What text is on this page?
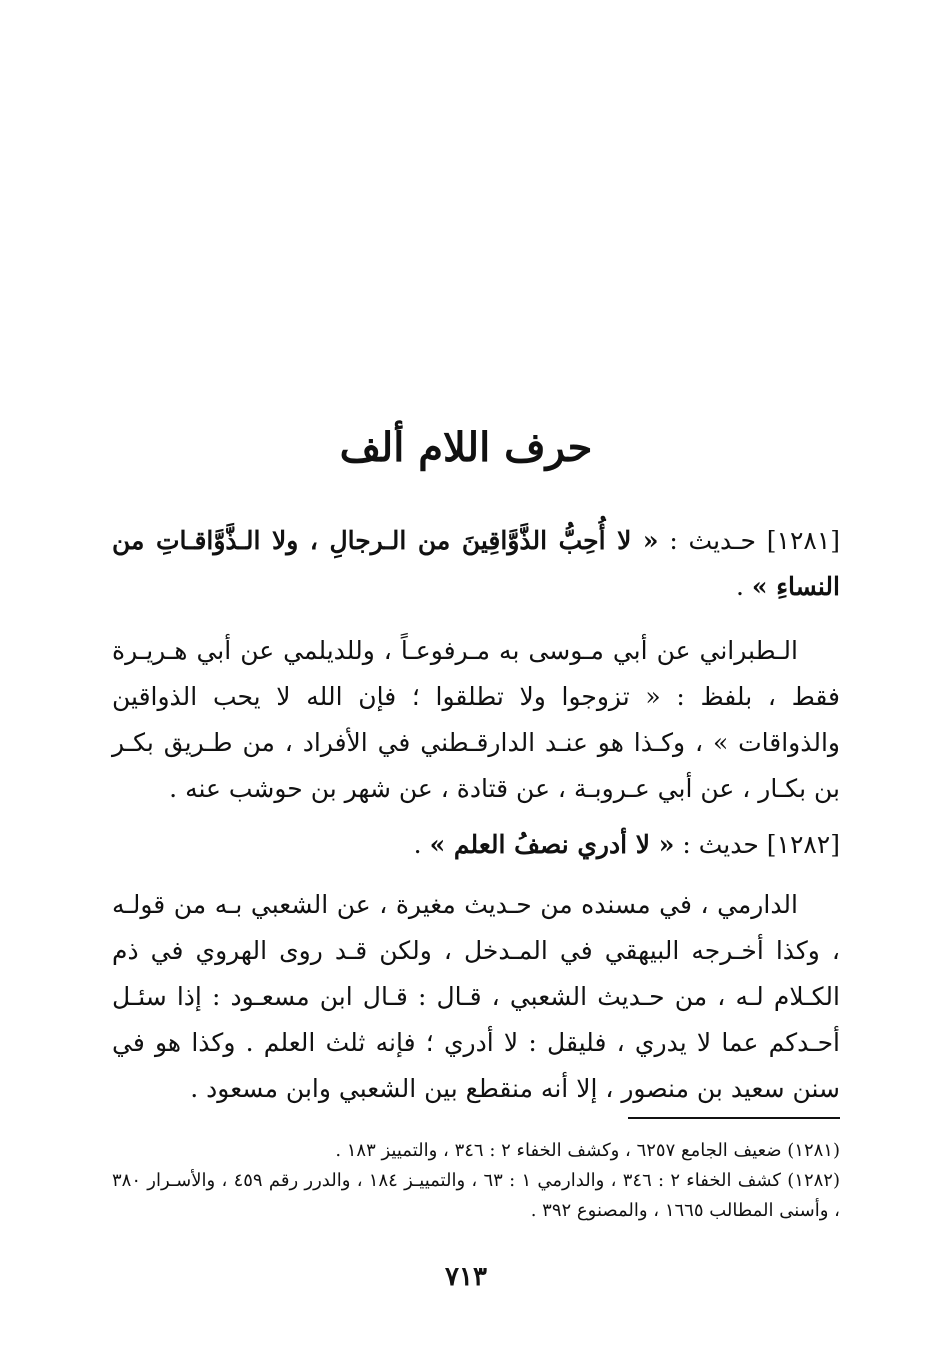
حرف اللام ألف
[١٢٨١] حـديث : « لا أُحِبُّ الذَّوَّاقِينَ من الـرجالِ ، ولا الـذَّوَّاقـاتِ من النساءِ » .
الـطبراني عن أبي مـوسى به مـرفوعـاً ، وللديلمي عن أبي هـريـرة فقط ، بلفظ : « تزوجوا ولا تطلقوا ؛ فإن الله لا يحب الذواقين والذواقات » ، وكـذا هو عنـد الدارقـطني في الأفراد ، من طـريق بكـر بن بكـار ، عن أبي عـروبـة ، عن قتادة ، عن شهر بن حوشب عنه .
[١٢٨٢] حديث : « لا أدري نصفُ العلم » .
الدارمي ، في مسنده من حـديث مغيرة ، عن الشعبي بـه من قولـه ، وكذا أخـرجه البيهقي في المـدخل ، ولكن قـد روى الهروي في ذم الكـلام لـه ، من حـديث الشعبي ، قـال : قـال ابن مسعـود : إذا سئـل أحـدكم عما لا يدري ، فليقل : لا أدري ؛ فإنه ثلث العلم . وكذا هو في سنن سعيد بن منصور ، إلا أنه منقطع بين الشعبي وابن مسعود .

(١٢٨١) ضعيف الجامع ٦٢٥٧ ، وكشف الخفاء ٢ : ٣٤٦ ، والتمييز ١٨٣ .

(١٢٨٢) كشف الخفاء ٢ : ٣٤٦ ، والدارمي ١ : ٦٣ ، والتمييـز ١٨٤ ، والدرر رقم ٤٥٩ ، والأسـرار ٣٨٠ ، وأسنى المطالب ١٦٦٥ ، والمصنوع ٣٩٢ .

٧١٣
